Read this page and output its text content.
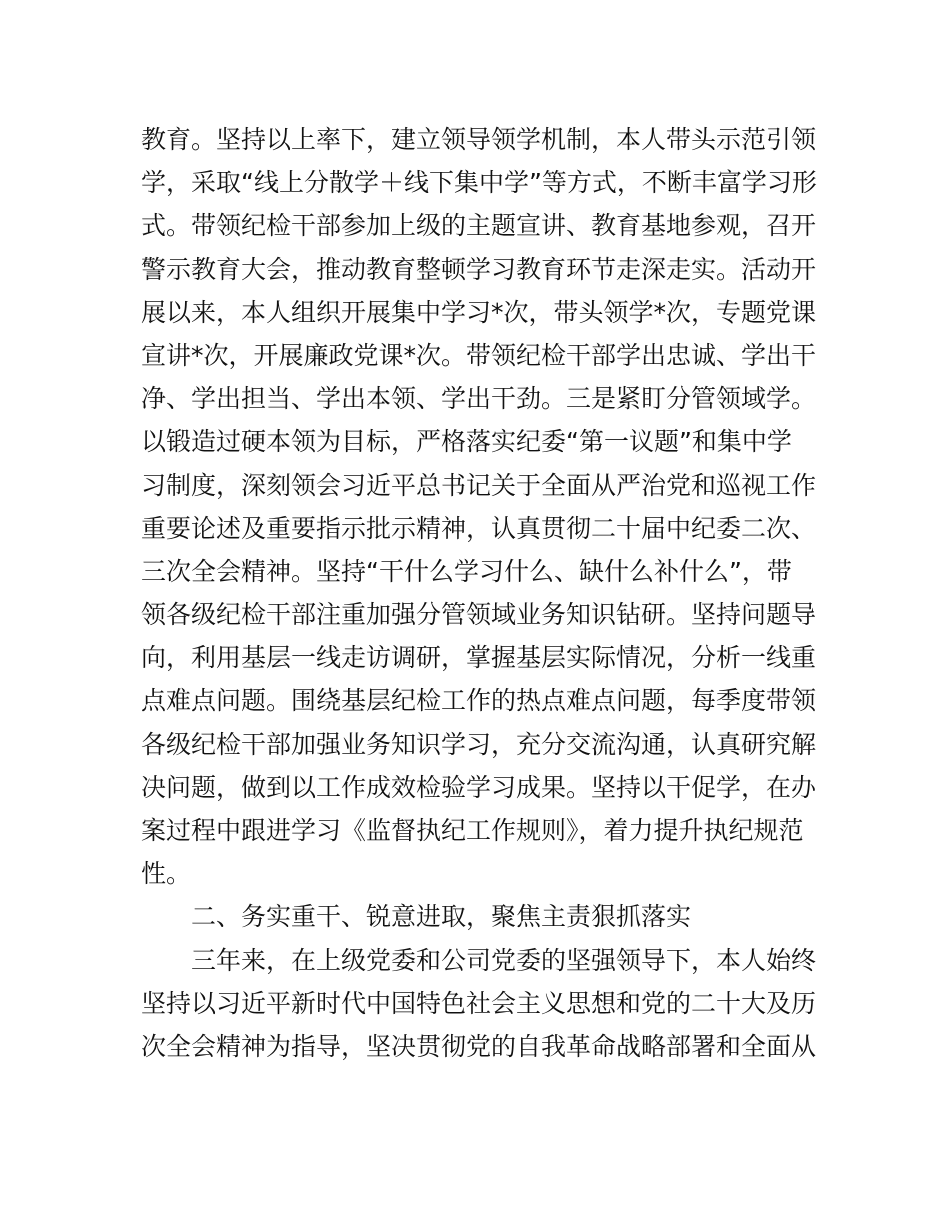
教育。坚持以上率下，建立领导领学机制，本人带头示范引领
学，采取“线上分散学＋线下集中学”等方式，不断丰富学习形
式。带领纪检干部参加上级的主题宣讲、教育基地参观，召开
警示教育大会，推动教育整顿学习教育环节走深走实。活动开
展以来，本人组织开展集中学习*次，带头领学*次，专题党课
宣讲*次，开展廉政党课*次。带领纪检干部学出忠诚、学出干
净、学出担当、学出本领、学出干劲。三是紧盯分管领域学。
以锻造过硬本领为目标，严格落实纪委“第一议题”和集中学
习制度，深刻领会习近平总书记关于全面从严治党和巡视工作
重要论述及重要指示批示精神，认真贯彻二十届中纪委二次、
三次全会精神。坚持“干什么学习什么、缺什么补什么”，带
领各级纪检干部注重加强分管领域业务知识钻研。坚持问题导
向，利用基层一线走访调研，掌握基层实际情况，分析一线重
点难点问题。围绕基层纪检工作的热点难点问题，每季度带领
各级纪检干部加强业务知识学习，充分交流沟通，认真研究解
决问题，做到以工作成效检验学习成果。坚持以干促学，在办
案过程中跟进学习《监督执纪工作规则》，着力提升执纪规范
性。
二、务实重干、锐意进取，聚焦主责狠抓落实
三年来，在上级党委和公司党委的坚强领导下，本人始终
坚持以习近平新时代中国特色社会主义思想和党的二十大及历
次全会精神为指导，坚决贯彻党的自我革命战略部署和全面从
